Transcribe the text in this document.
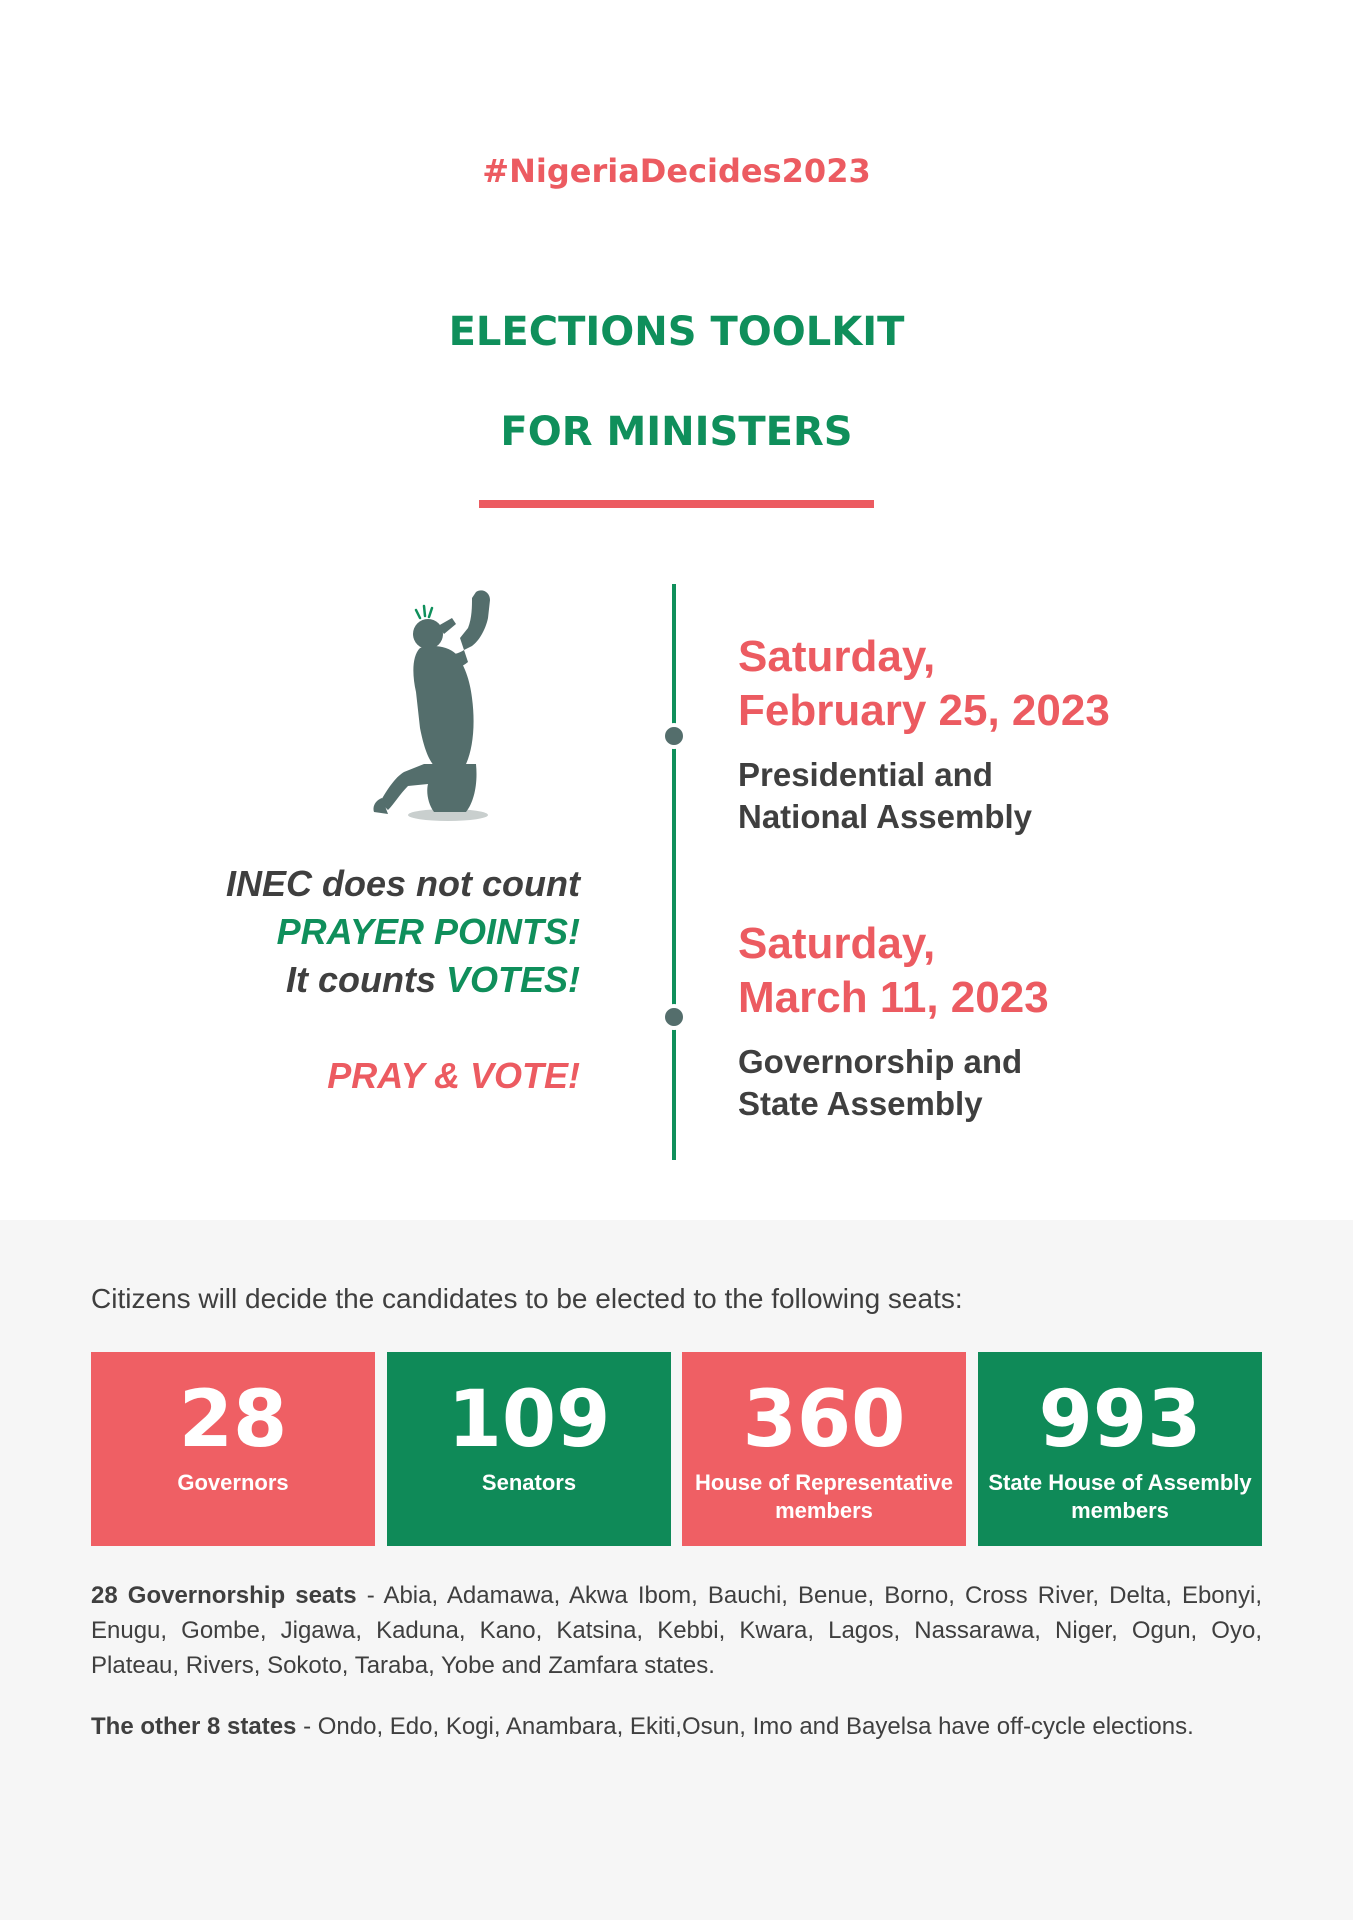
#NigeriaDecides2023
ELECTIONS TOOLKIT
FOR MINISTERS
INEC does not count
PRAYER POINTS!
It counts VOTES!
PRAY & VOTE!
Saturday,
February 25, 2023
Presidential and
National Assembly
Saturday,
March 11, 2023
Governorship and
State Assembly
Citizens will decide the candidates to be elected to the following seats:
28
Governors
109
Senators
360
House of Representative members
993
State House of Assembly members
28 Governorship seats - Abia, Adamawa, Akwa Ibom, Bauchi, Benue, Borno, Cross River, Delta, Ebonyi, Enugu, Gombe, Jigawa, Kaduna, Kano, Katsina, Kebbi, Kwara, Lagos, Nassarawa, Niger, Ogun, Oyo, Plateau, Rivers, Sokoto, Taraba, Yobe and Zamfara states.
The other 8 states - Ondo, Edo, Kogi, Anambara, Ekiti,Osun, Imo and Bayelsa have off-cycle elections.
